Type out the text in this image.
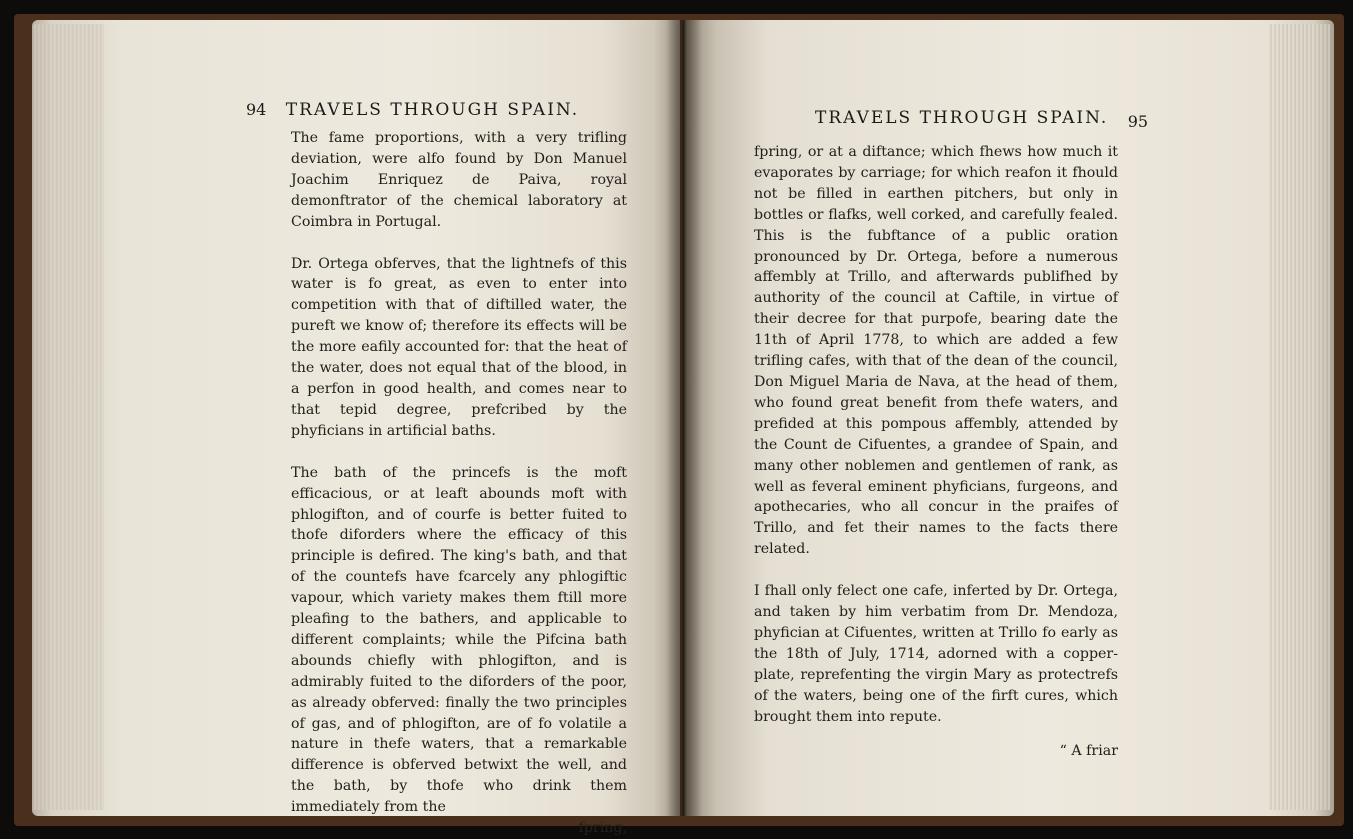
94 TRAVELS THROUGH SPAIN.

The fame proportions, with a very trifling deviation, were alfo found by Don Manuel Joachim Enriquez de Paiva, royal demonftrator of the chemical laboratory at Coimbra in Portugal.

Dr. Ortega obferves, that the lightnefs of this water is fo great, as even to enter into competition with that of diftilled water, the pureft we know of; therefore its effects will be the more eafily accounted for: that the heat of the water, does not equal that of the blood, in a perfon in good health, and comes near to that tepid degree, prefcribed by the phyficians in artificial baths.

The bath of the princefs is the moft efficacious, or at leaft abounds moft with phlogifton, and of courfe is better fuited to thofe diforders where the efficacy of this principle is defired. The king's bath, and that of the countefs have fcarcely any phlogiftic vapour, which variety makes them ftill more pleafing to the bathers, and applicable to different complaints; while the Pifcina bath abounds chiefly with phlogifton, and is admirably fuited to the diforders of the poor, as already obferved: finally the two principles of gas, and of phlogifton, are of fo volatile a nature in thefe waters, that a remarkable difference is obferved betwixt the well, and the bath, by thofe who drink them immediately from the

fpring,

TRAVELS THROUGH SPAIN. 95

fpring, or at a diftance; which fhews how much it evaporates by carriage; for which reafon it fhould not be filled in earthen pitchers, but only in bottles or flafks, well corked, and carefully fealed. This is the fubftance of a public oration pronounced by Dr. Ortega, before a numerous affembly at Trillo, and afterwards publifhed by authority of the council at Caftile, in virtue of their decree for that purpofe, bearing date the 11th of April 1778, to which are added a few trifling cafes, with that of the dean of the council, Don Miguel Maria de Nava, at the head of them, who found great benefit from thefe waters, and prefided at this pompous affembly, attended by the Count de Cifuentes, a grandee of Spain, and many other noblemen and gentlemen of rank, as well as feveral eminent phyficians, furgeons, and apothecaries, who all concur in the praifes of Trillo, and fet their names to the facts there related.

I fhall only felect one cafe, inferted by Dr. Ortega, and taken by him verbatim from Dr. Mendoza, phyfician at Cifuentes, written at Trillo fo early as the 18th of July, 1714, adorned with a copper-plate, reprefenting the virgin Mary as protectrefs of the waters, being one of the firft cures, which brought them into repute.

“ A friar
